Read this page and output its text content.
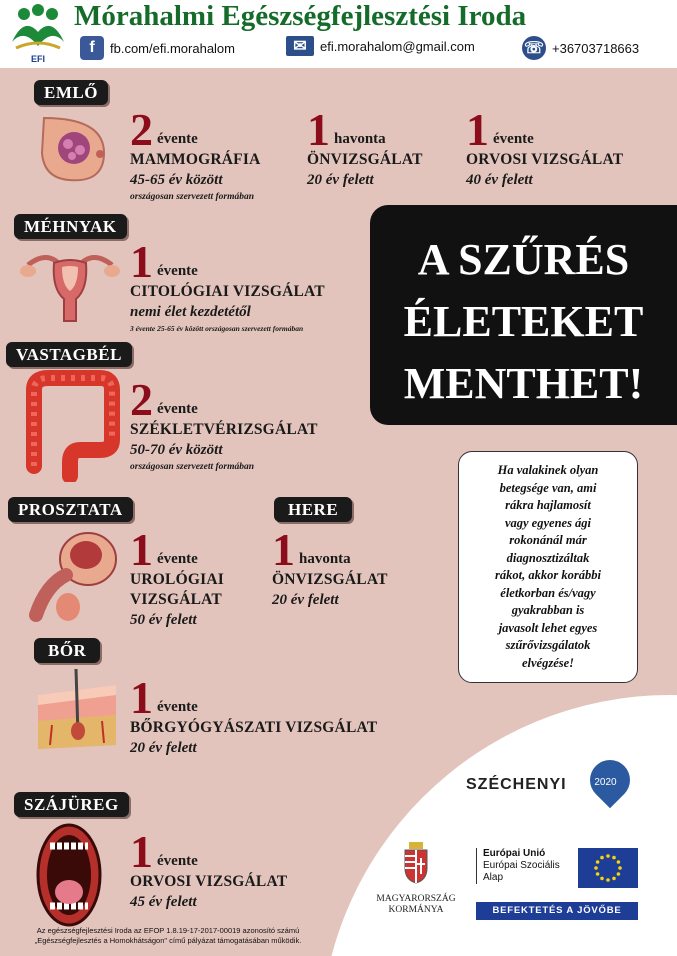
EFI
Mórahalmi Egészségfejlesztési Iroda
f	fb.com/efi.morahalom	✉	efi.morahalom@gmail.com	☏ +36703718663
EMLŐ
2 évente
MAMMOGRÁFIA
45-65 év között
országosan szervezett formában
1 havonta
ÖNVIZSGÁLAT
20 év felett
1 évente
ORVOSI VIZSGÁLAT
40 év felett
MÉHNYAK
1 évente
CITOLÓGIAI VIZSGÁLAT
nemi élet kezdetétől
3 évente 25-65 év között országosan szervezett formában
VASTAGBÉL
2 évente
SZÉKLETVÉRIZSGÁLAT
50-70 év között
országosan szervezett formában
PROSZTATA
1 évente
UROLÓGIAI
VIZSGÁLAT
50 év felett
HERE
1 havonta
ÖNVIZSGÁLAT
20 év felett
BŐR
1 évente
BŐRGYÓGYÁSZATI VIZSGÁLAT
20 év felett
SZÁJÜREG
1 évente
ORVOSI VIZSGÁLAT
45 év felett
A SZŰRÉS
ÉLETEKET
MENTHET!
Ha valakinek olyan
betegsége van, ami
rákra hajlamosít
vagy egyenes ági
rokonánál már
diagnosztizáltak
rákot, akkor korábbi
életkorban és/vagy
gyakrabban is
javasolt lehet egyes
szűrővizsgálatok
elvégzése!
SZÉCHENYI	2020
MAGYARORSZÁG
KORMÁNYA
Európai Unió
Európai Szociális
Alap
BEFEKTETÉS A JÖVŐBE
Az egészségfejlesztési Iroda az EFOP 1.8.19-17-2017-00019 azonosító számú
„Egészségfejlesztés a Homokhátságon" című pályázat támogatásában működik.
